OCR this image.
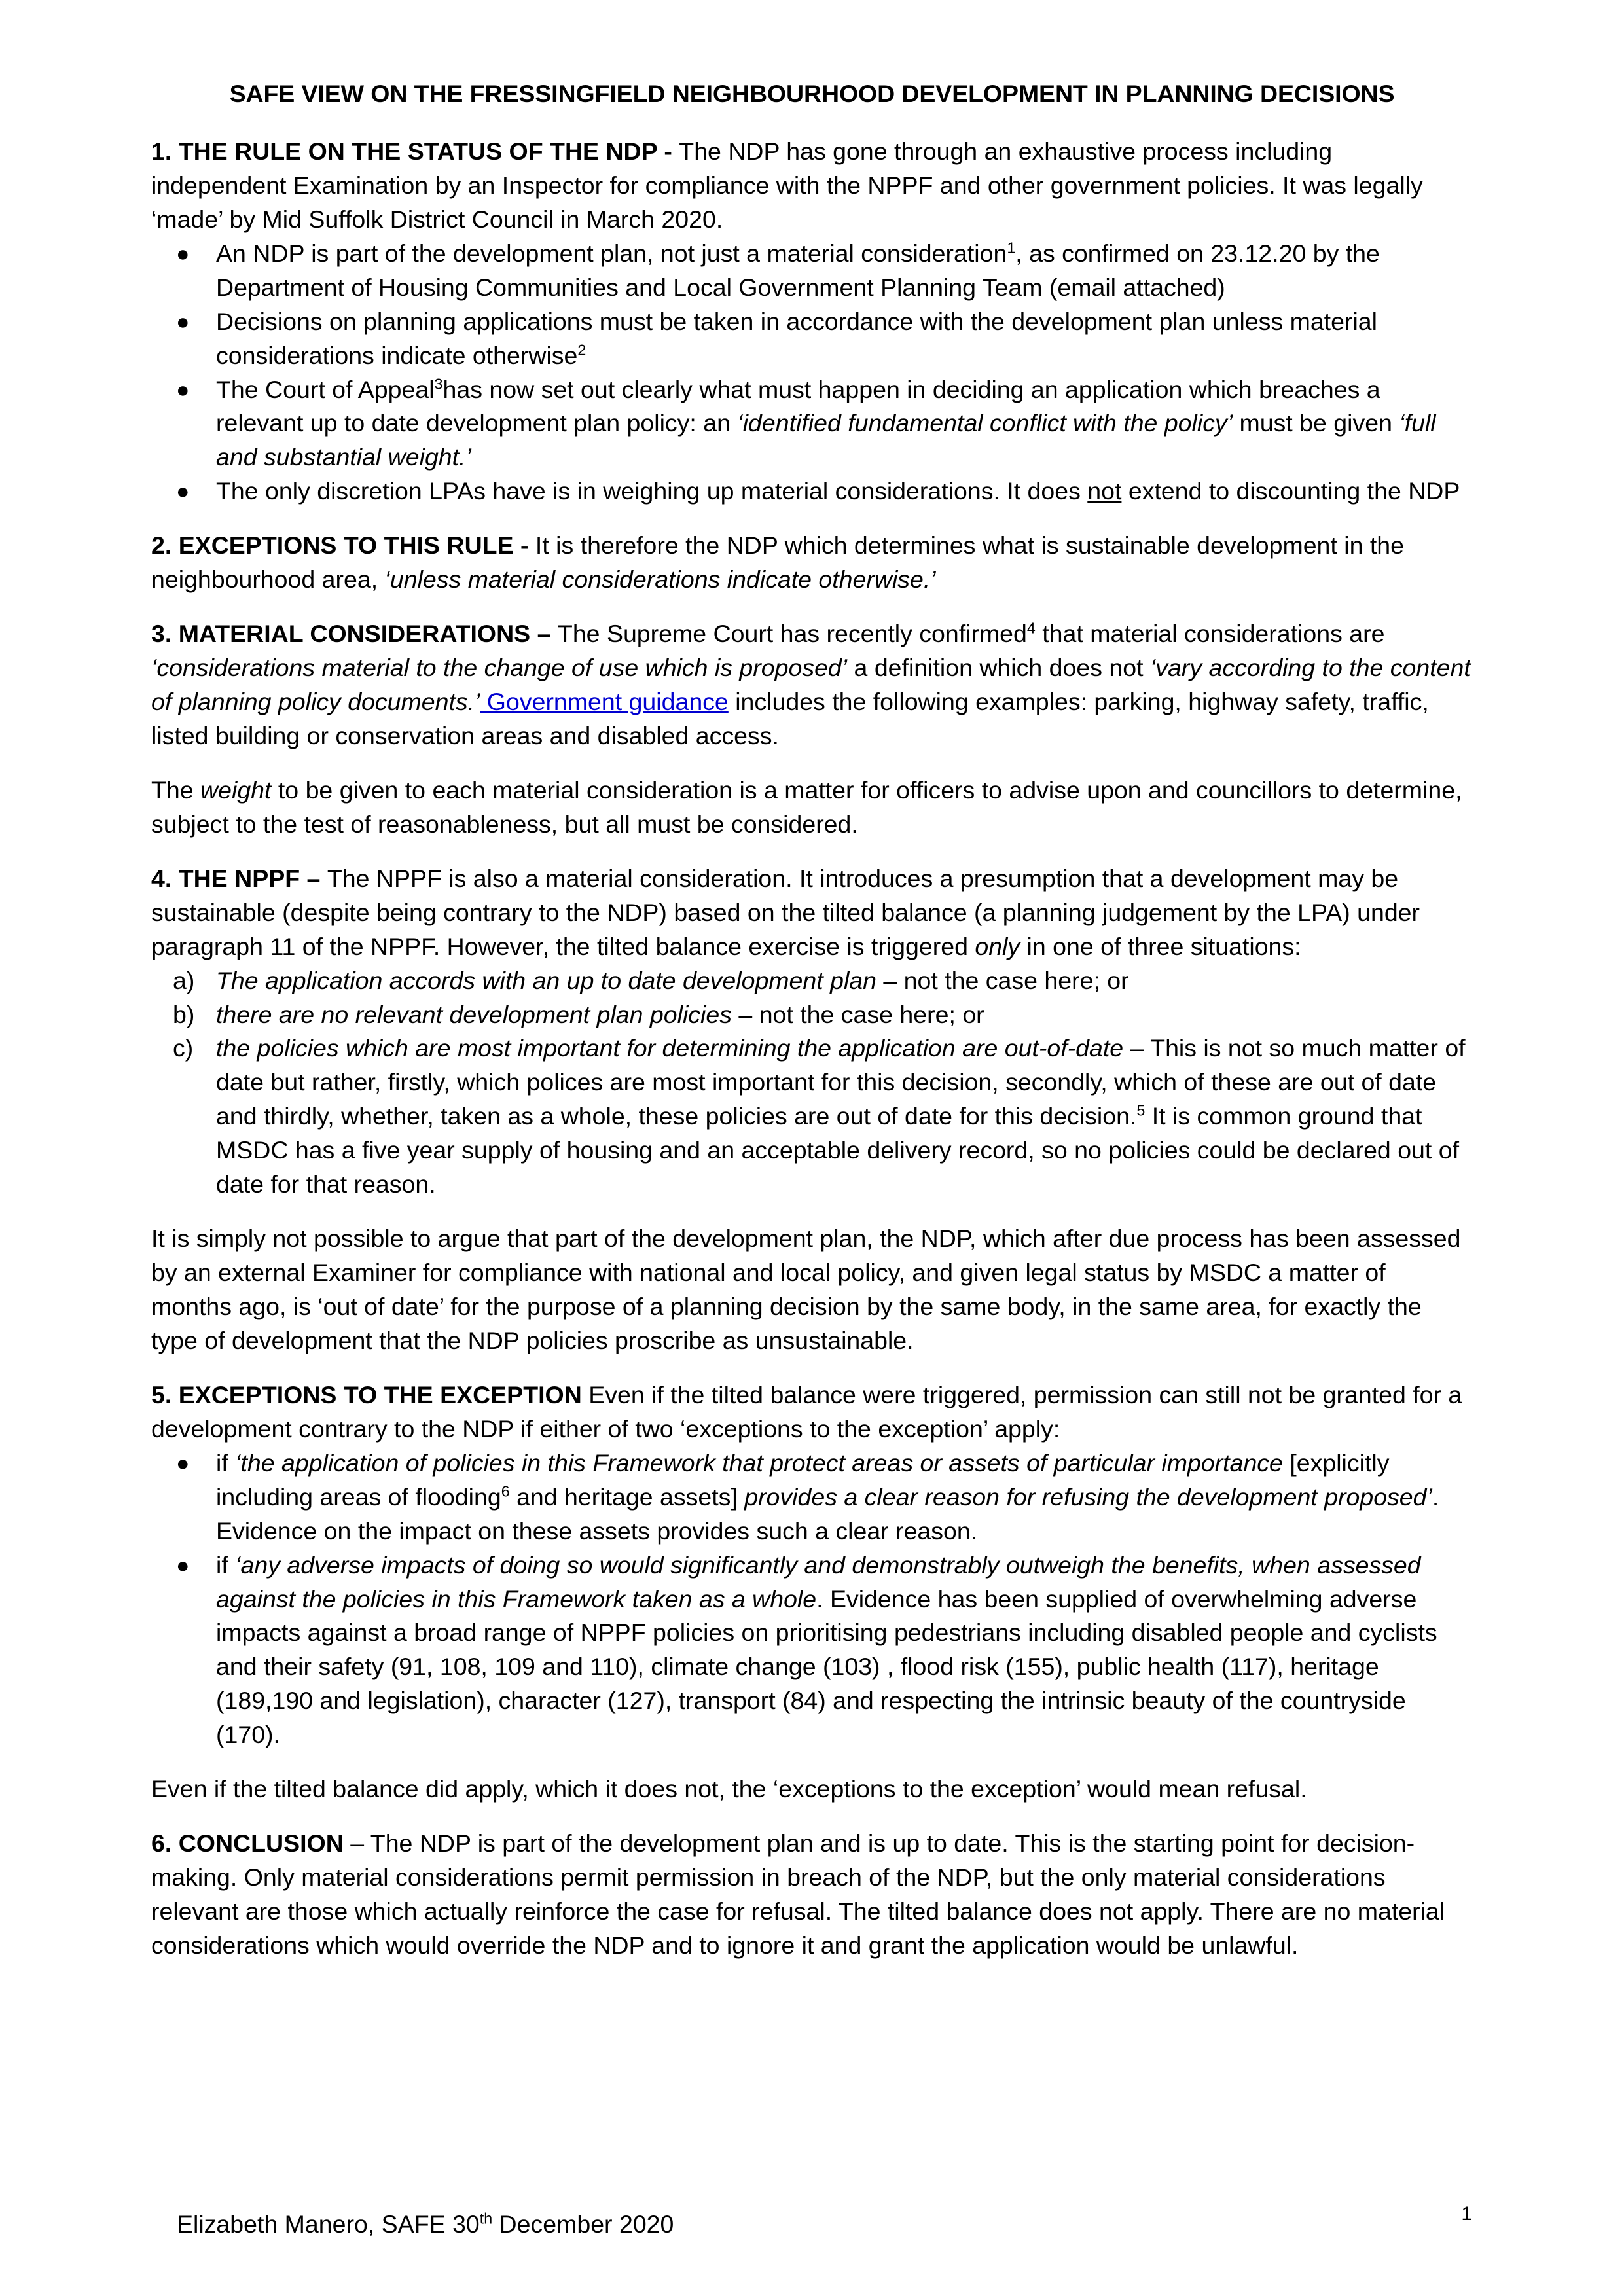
SAFE VIEW ON THE FRESSINGFIELD NEIGHBOURHOOD DEVELOPMENT IN PLANNING DECISIONS

1. THE RULE ON THE STATUS OF THE NDP - The NDP has gone through an exhaustive process including independent Examination by an Inspector for compliance with the NPPF and other government policies. It was legally ‘made’ by Mid Suffolk District Council in March 2020.

● An NDP is part of the development plan, not just a material consideration$^1$, as confirmed on 23.12.20 by the Department of Housing Communities and Local Government Planning Team (email attached)
● Decisions on planning applications must be taken in accordance with the development plan unless material considerations indicate otherwise$^2$
● The Court of Appeal$^3$has now set out clearly what must happen in deciding an application which breaches a relevant up to date development plan policy: an ‘identified fundamental conflict with the policy’ must be given ‘full and substantial weight.’
● The only discretion LPAs have is in weighing up material considerations. It does not extend to discounting the NDP

2. EXCEPTIONS TO THIS RULE - It is therefore the NDP which determines what is sustainable development in the neighbourhood area, ‘unless material considerations indicate otherwise.’

3. MATERIAL CONSIDERATIONS – The Supreme Court has recently confirmed$^4$ that material considerations are ‘considerations material to the change of use which is proposed’ a definition which does not ‘vary according to the content of planning policy documents.’ Government guidance includes the following examples: parking, highway safety, traffic, listed building or conservation areas and disabled access.

The weight to be given to each material consideration is a matter for officers to advise upon and councillors to determine, subject to the test of reasonableness, but all must be considered.

4. THE NPPF – The NPPF is also a material consideration. It introduces a presumption that a development may be sustainable (despite being contrary to the NDP) based on the tilted balance (a planning judgement by the LPA) under paragraph 11 of the NPPF. However, the tilted balance exercise is triggered only in one of three situations:

a) The application accords with an up to date development plan – not the case here; or
b) there are no relevant development plan policies – not the case here; or
c) the policies which are most important for determining the application are out-of-date – This is not so much matter of date but rather, firstly, which polices are most important for this decision, secondly, which of these are out of date and thirdly, whether, taken as a whole, these policies are out of date for this decision.$^5$ It is common ground that MSDC has a five year supply of housing and an acceptable delivery record, so no policies could be declared out of date for that reason.

It is simply not possible to argue that part of the development plan, the NDP, which after due process has been assessed by an external Examiner for compliance with national and local policy, and given legal status by MSDC a matter of months ago, is ‘out of date’ for the purpose of a planning decision by the same body, in the same area, for exactly the type of development that the NDP policies proscribe as unsustainable.

5. EXCEPTIONS TO THE EXCEPTION Even if the tilted balance were triggered, permission can still not be granted for a development contrary to the NDP if either of two ‘exceptions to the exception’ apply:

● if ‘the application of policies in this Framework that protect areas or assets of particular importance [explicitly including areas of flooding$^6$ and heritage assets] provides a clear reason for refusing the development proposed’. Evidence on the impact on these assets provides such a clear reason.
● if ‘any adverse impacts of doing so would significantly and demonstrably outweigh the benefits, when assessed against the policies in this Framework taken as a whole. Evidence has been supplied of overwhelming adverse impacts against a broad range of NPPF policies on prioritising pedestrians including disabled people and cyclists and their safety (91, 108, 109 and 110), climate change (103) , flood risk (155), public health (117), heritage (189,190 and legislation), character (127), transport (84) and respecting the intrinsic beauty of the countryside (170).

Even if the tilted balance did apply, which it does not, the ‘exceptions to the exception’ would mean refusal.

6. CONCLUSION – The NDP is part of the development plan and is up to date. This is the starting point for decision-making. Only material considerations permit permission in breach of the NDP, but the only material considerations relevant are those which actually reinforce the case for refusal. The tilted balance does not apply. There are no material considerations which would override the NDP and to ignore it and grant the application would be unlawful.

Elizabeth Manero, SAFE 30th December 2020	1
